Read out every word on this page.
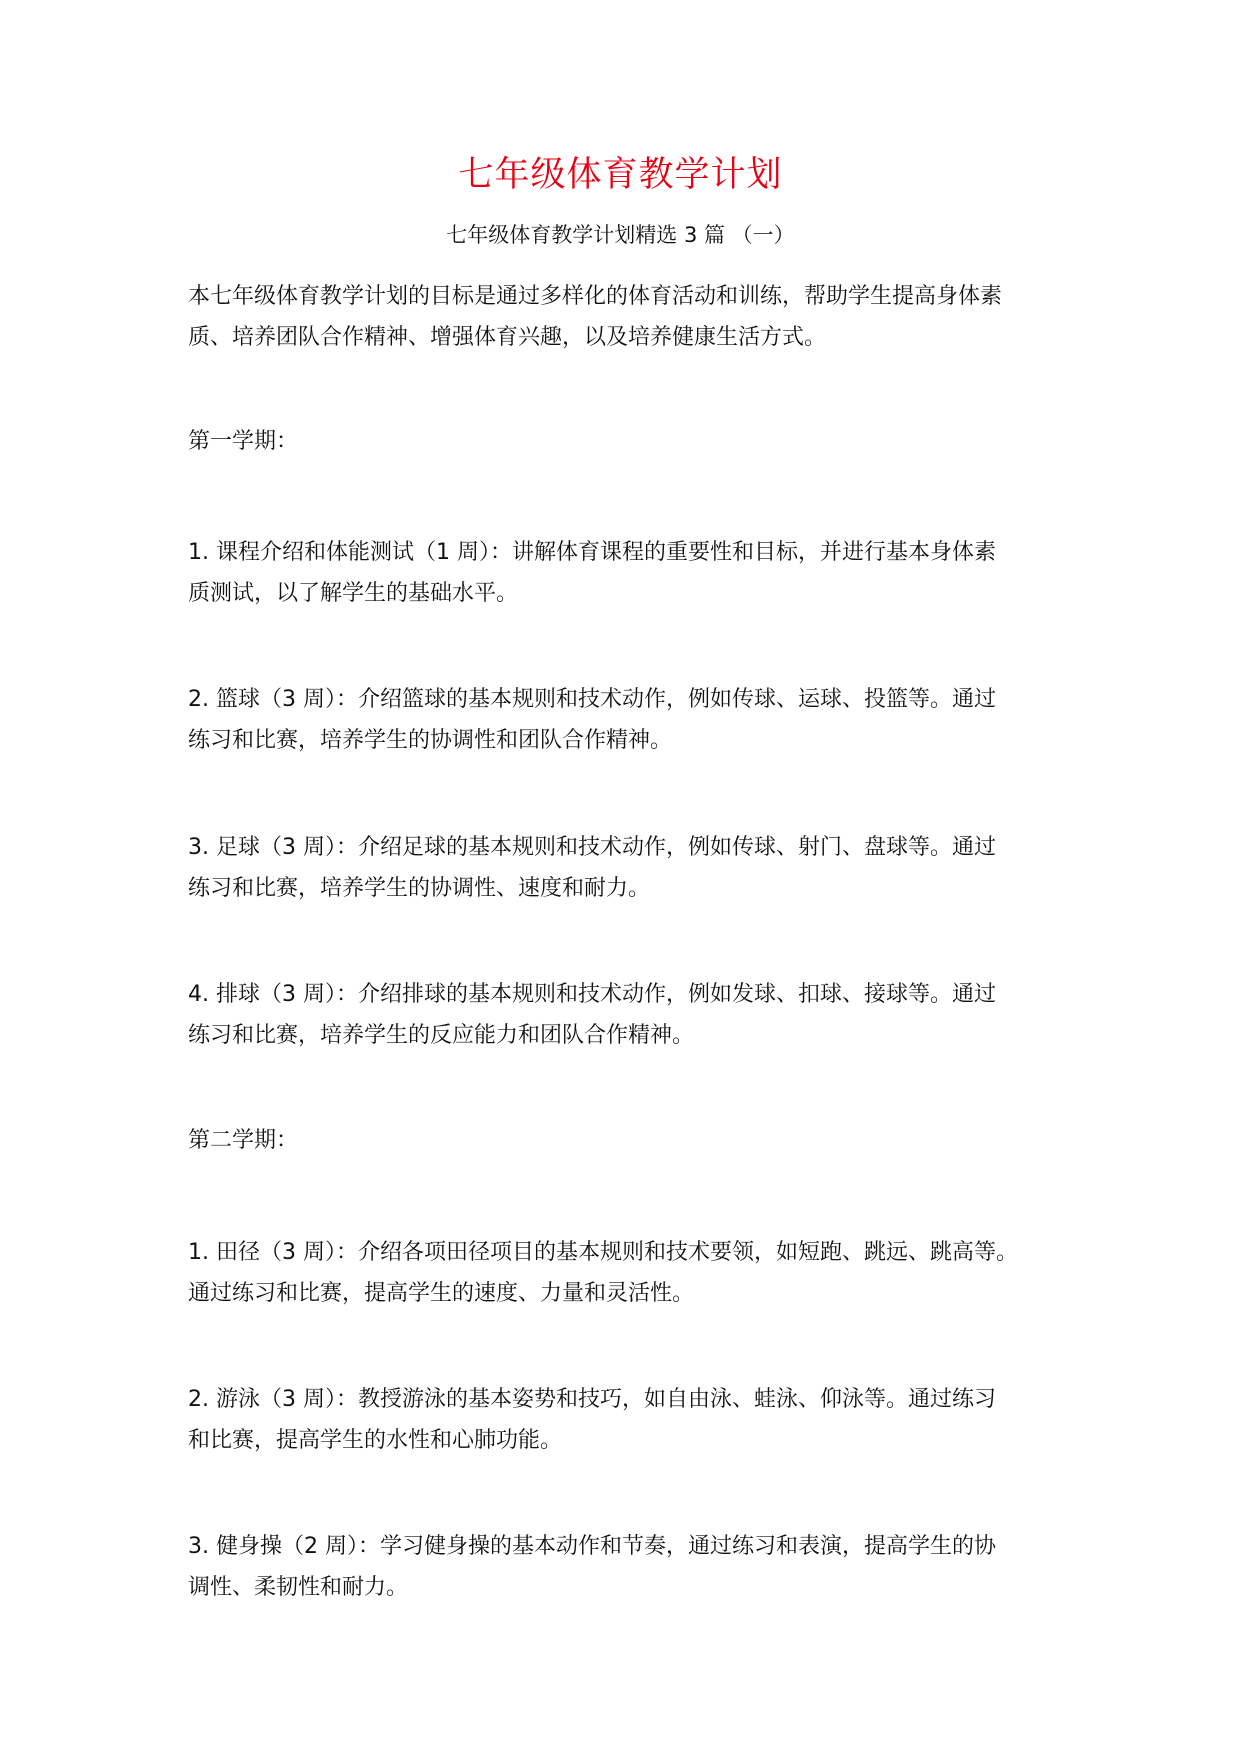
七年级体育教学计划
七年级体育教学计划精选 3 篇 （一）
本七年级体育教学计划的目标是通过多样化的体育活动和训练，帮助学生提高身体素
质、培养团队合作精神、增强体育兴趣，以及培养健康生活方式。
第一学期：
1. 课程介绍和体能测试（1 周）：讲解体育课程的重要性和目标，并进行基本身体素
质测试，以了解学生的基础水平。
2. 篮球（3 周）：介绍篮球的基本规则和技术动作，例如传球、运球、投篮等。通过
练习和比赛，培养学生的协调性和团队合作精神。
3. 足球（3 周）：介绍足球的基本规则和技术动作，例如传球、射门、盘球等。通过
练习和比赛，培养学生的协调性、速度和耐力。
4. 排球（3 周）：介绍排球的基本规则和技术动作，例如发球、扣球、接球等。通过
练习和比赛，培养学生的反应能力和团队合作精神。
第二学期：
1. 田径（3 周）：介绍各项田径项目的基本规则和技术要领，如短跑、跳远、跳高等。
通过练习和比赛，提高学生的速度、力量和灵活性。
2. 游泳（3 周）：教授游泳的基本姿势和技巧，如自由泳、蛙泳、仰泳等。通过练习
和比赛，提高学生的水性和心肺功能。
3. 健身操（2 周）：学习健身操的基本动作和节奏，通过练习和表演，提高学生的协
调性、柔韧性和耐力。
